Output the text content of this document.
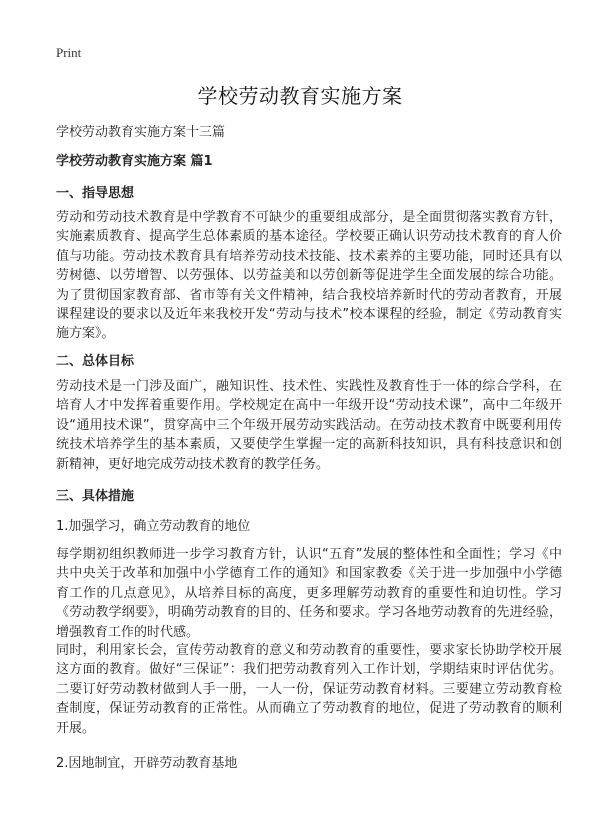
Print
学校劳动教育实施方案

学校劳动教育实施方案十三篇

学校劳动教育实施方案 篇1

一、指导思想

劳动和劳动技术教育是中学教育不可缺少的重要组成部分，是全面贯彻落实教育方针，实施素质教育、提高学生总体素质的基本途径。学校要正确认识劳动技术教育的育人价值与功能。劳动技术教育具有培养劳动技术技能、技术素养的主要功能，同时还具有以劳树德、以劳增智、以劳强体、以劳益美和以劳创新等促进学生全面发展的综合功能。为了贯彻国家教育部、省市等有关文件精神，结合我校培养新时代的劳动者教育，开展课程建设的要求以及近年来我校开发“劳动与技术”校本课程的经验，制定《劳动教育实施方案》。

二、总体目标

劳动技术是一门涉及面广，融知识性、技术性、实践性及教育性于一体的综合学科，在培育人才中发挥着重要作用。学校规定在高中一年级开设“劳动技术课”，高中二年级开设“通用技术课”，贯穿高中三个年级开展劳动实践活动。在劳动技术教育中既要利用传统技术培养学生的基本素质，又要使学生掌握一定的高新科技知识，具有科技意识和创新精神，更好地完成劳动技术教育的教学任务。

三、具体措施

1.加强学习，确立劳动教育的地位

每学期初组织教师进一步学习教育方针，认识“五育”发展的整体性和全面性；学习《中共中央关于改革和加强中小学德育工作的通知》和国家教委《关于进一步加强中小学德育工作的几点意见》，从培养目标的高度，更多理解劳动教育的重要性和迫切性。学习《劳动教学纲要》，明确劳动教育的目的、任务和要求。学习各地劳动教育的先进经验，增强教育工作的时代感。

同时，利用家长会，宣传劳动教育的意义和劳动教育的重要性，要求家长协助学校开展这方面的教育。做好“三保证”：我们把劳动教育列入工作计划，学期结束时评估优劣。二要订好劳动教材做到人手一册，一人一份，保证劳动教育材料。三要建立劳动教育检查制度，保证劳动教育的正常性。从而确立了劳动教育的地位，促进了劳动教育的顺利开展。

2.因地制宜，开辟劳动教育基地
